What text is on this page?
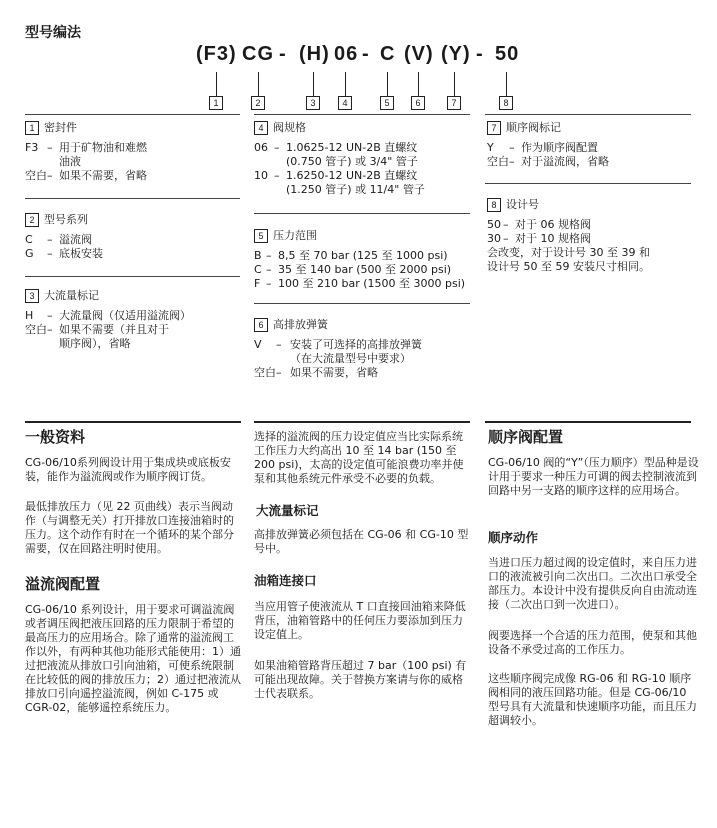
型号编法
(F3) CG - (H) 06 - C (V) (Y) - 50
1	2	3	4	5	6	7	8
1 密封件
F3 – 用于矿物油和难燃
油液
空白 – 如果不需要，省略
2 型号系列
C	– 溢流阀
G	– 底板安装
3 大流量标记
H	– 大流量阀（仅适用溢流阀）
空白 – 如果不需要（并且对于
顺序阀），省略
4 阀规格
06 – 1.0625-12 UN-2B 直螺纹
(0.750 管子) 或 3/4" 管子
10 – 1.6250-12 UN-2B 直螺纹
(1.250 管子) 或 11/4" 管子
5 压力范围
B – 8,5 至 70 bar (125 至 1000 psi)
C – 35 至 140 bar (500 至 2000 psi)
F – 100 至 210 bar (1500 至 3000 psi)
6 高排放弹簧
V	– 安装了可选择的高排放弹簧
（在大流量型号中要求）
空白 – 如果不需要，省略
7 顺序阀标记
Y	– 作为顺序阀配置
空白 – 对于溢流阀，省略
8 设计号
50 – 对于 06 规格阀
30 – 对于 10 规格阀
会改变，对于设计号 30 至 39 和
设计号 50 至 59 安装尺寸相同。
一般资料
CG-06/10系列阀设计用于集成块或底板安装，能作为溢流阀或作为顺序阀订货。
最低排放压力（见 22 页曲线）表示当阀动作（与调整无关）打开排放口连接油箱时的压力。这个动作有时在一个循环的某个部分需要，仅在回路注明时使用。
溢流阀配置
CG-06/10 系列设计，用于要求可调溢流阀或者调压阀把液压回路的压力限制于希望的最高压力的应用场合。除了通常的溢流阀工作以外，有两种其他功能形式能使用：1）通过把液流从排放口引向油箱，可使系统限制在比较低的阀的排放压力；2）通过把液流从排放口引向遥控溢流阀，例如 C-175 或 CGR-02，能够遥控系统压力。
选择的溢流阀的压力设定值应当比实际系统工作压力大约高出 10 至 14 bar (150 至 200 psi)，太高的设定值可能浪费功率并使泵和其他系统元件承受不必要的负载。
大流量标记
高排放弹簧必须包括在 CG-06 和 CG-10 型号中。
油箱连接口
当应用管子使液流从 T 口直接回油箱来降低背压，油箱管路中的任何压力要添加到压力设定值上。
如果油箱管路背压超过 7 bar（100 psi) 有可能出现故障。关于替换方案请与你的威格士代表联系。
顺序阀配置
CG-06/10 阀的“Y”（压力顺序）型品种是设计用于要求一种压力可调的阀去控制液流到回路中另一支路的顺序这样的应用场合。
顺序动作
当进口压力超过阀的设定值时，来自压力进口的液流被引向二次出口。二次出口承受全部压力。本设计中没有提供反向自由流动连接（二次出口到一次进口）。
阀要选择一个合适的压力范围，使泵和其他设备不承受过高的工作压力。
这些顺序阀完成像 RG-06 和 RG-10 顺序阀相同的液压回路功能。但是 CG-06/10 型号具有大流量和快速顺序功能，而且压力超调较小。
